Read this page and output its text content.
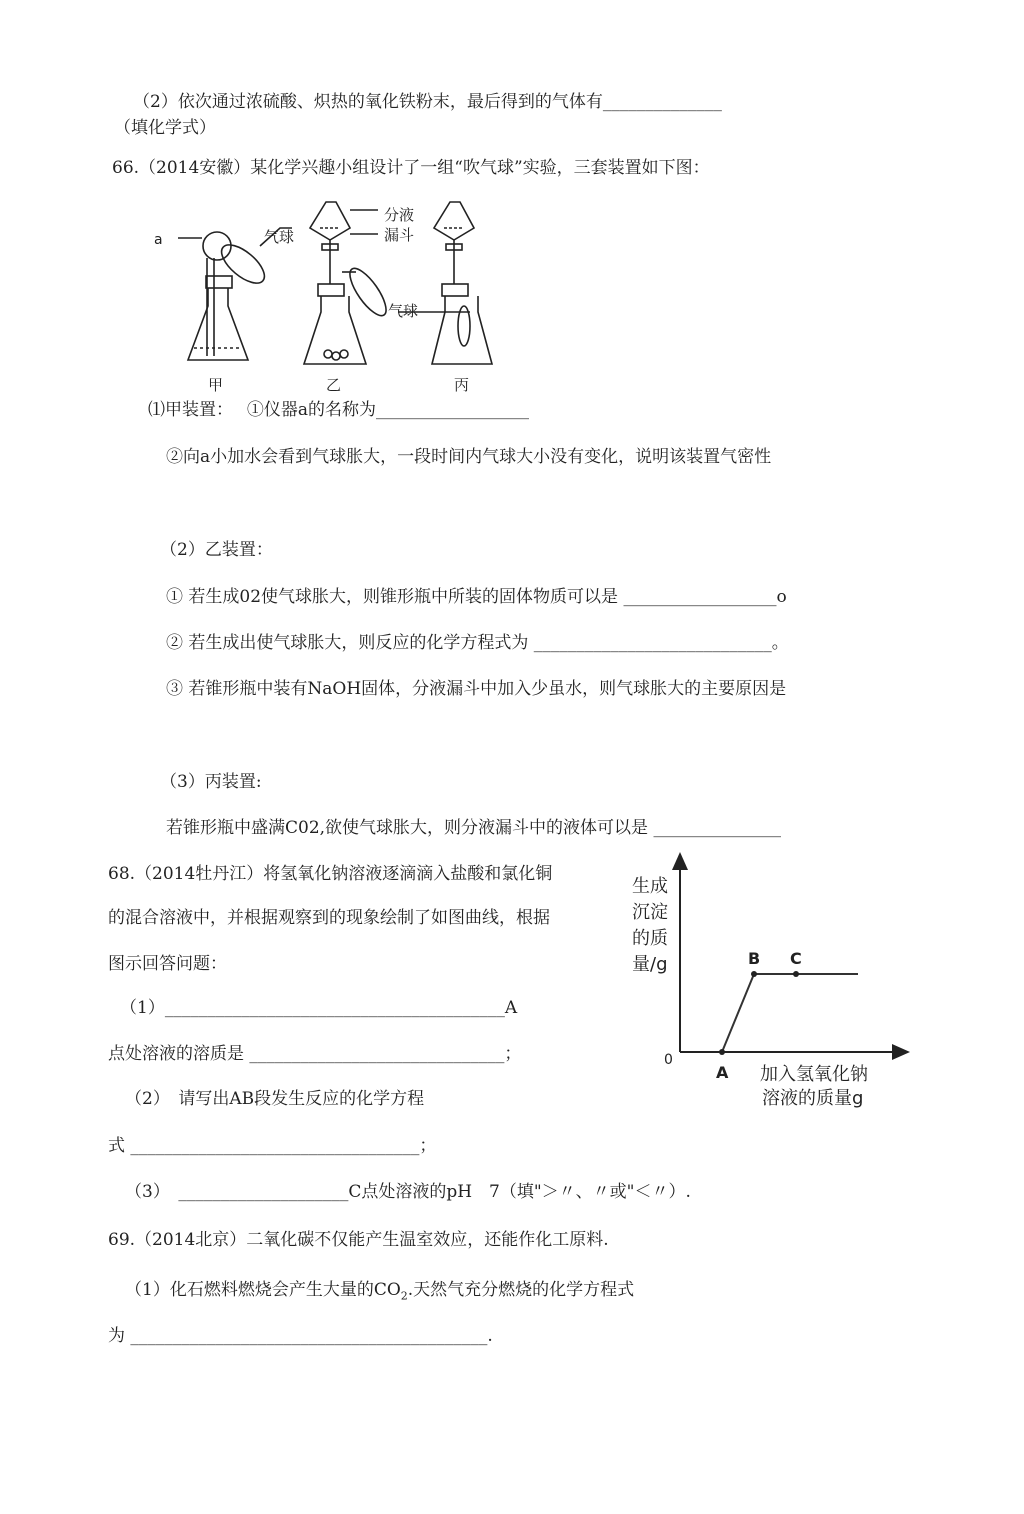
（2）依次通过浓硫酸、炽热的氧化铁粉末，最后得到的气体有______________
（填化学式）
66.（2014安徽）某化学兴趣小组设计了一组“吹气球”实验，三套装置如下图：
a	气球
分液
漏斗
气球
甲	乙	丙
⑴甲装置：　 ①仪器a的名称为__________________
②向a小加水会看到气球胀大，一段时间内气球大小没有变化，说明该装置气密性
（2）乙装置：
① 若生成02使气球胀大，则锥形瓶中所装的固体物质可以是 __________________o
② 若生成出使气球胀大，则反应的化学方程式为 ____________________________。
③ 若锥形瓶中装有NaOH固体，分液漏斗中加入少虽水，则气球胀大的主要原因是
（3）丙装置:
若锥形瓶中盛满C02,欲使气球胀大，则分液漏斗中的液体可以是 _______________
68.（2014牡丹江）将氢氧化钠溶液逐滴滴入盐酸和氯化铜
的混合溶液中，并根据观察到的现象绘制了如图曲线，根据
图示回答问题：
（1）________________________________________A
点处溶液的溶质是 ______________________________；
（2）　请写出AB段发生反应的化学方程
式 __________________________________；
（3）　____________________C点处溶液的pH　7（填"＞〃、〃或"＜〃）.
生成
沉淀
的质
量/g
0
A
B C
加入氢氧化钠
溶液的质量g
69.（2014北京）二氧化碳不仅能产生温室效应，还能作化工原料.
（1）化石燃料燃烧会产生大量的$CO_2$.天然气充分燃烧的化学方程式
为 __________________________________________.
